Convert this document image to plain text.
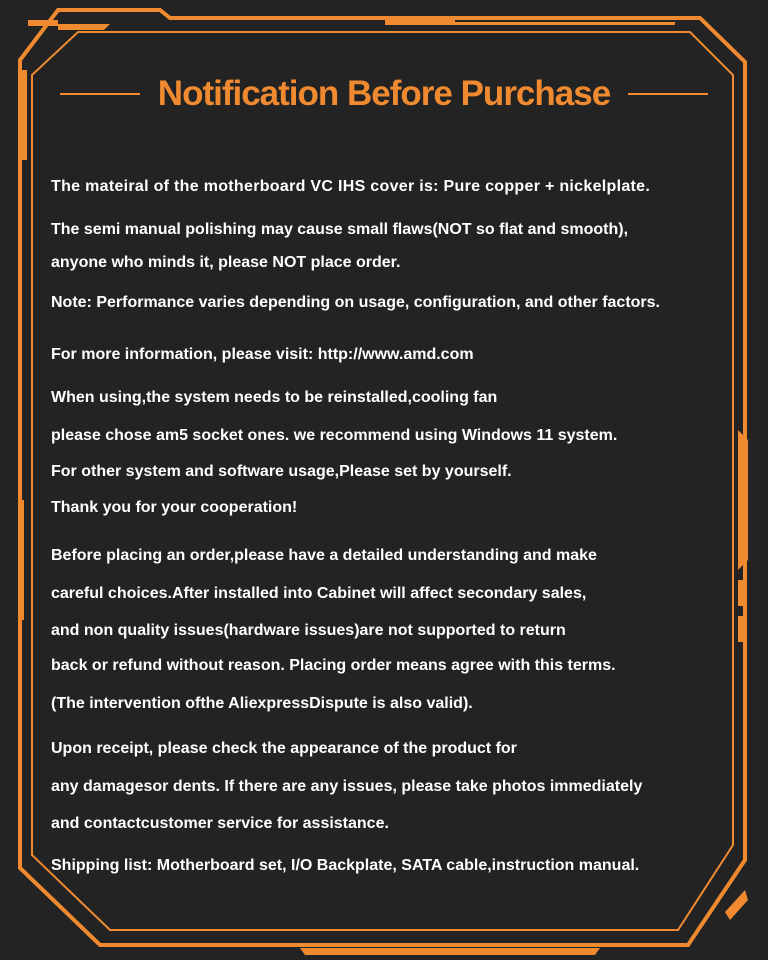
Notification Before Purchase
The mateiral of the motherboard VC IHS cover is: Pure copper + nickelplate.
The semi manual polishing may cause small flaws(NOT so flat and smooth),
anyone who minds it, please NOT place order.
Note: Performance varies depending on usage, configuration, and other factors.
For more information, please visit: http://www.amd.com
When using,the system needs to be reinstalled,cooling fan
please chose am5 socket ones. we recommend using Windows 11 system.
For other system and software usage,Please set by yourself.
Thank you for your cooperation!
Before placing an order,please have a detailed understanding and make
careful choices.After installed into Cabinet will affect secondary sales,
and non quality issues(hardware issues)are not supported to return
back or refund without reason. Placing order means agree with this terms.
(The intervention ofthe AliexpressDispute is also valid).
Upon receipt, please check the appearance of the product for
any damagesor dents. If there are any issues, please take photos immediately
and contactcustomer service for assistance.
Shipping list: Motherboard set, I/O Backplate, SATA cable,instruction manual.
